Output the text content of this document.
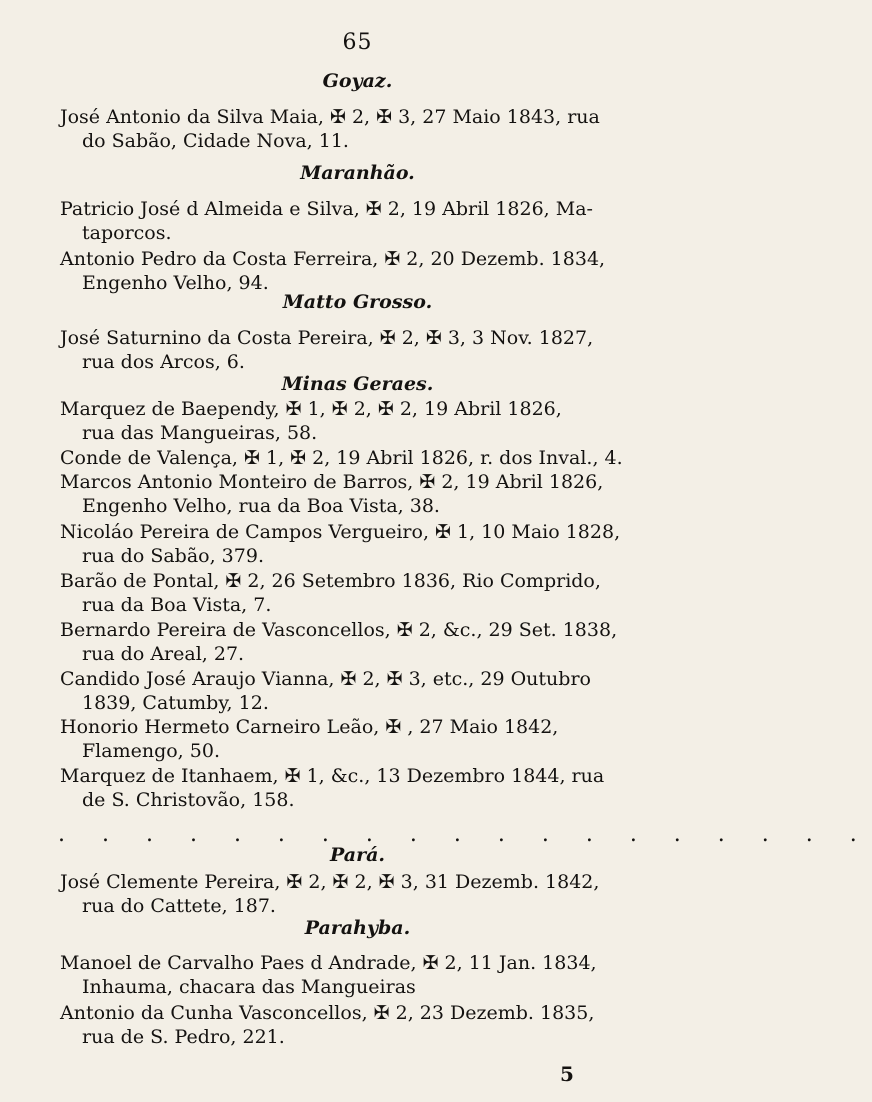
65
Goyaz.
José Antonio da Silva Maia, ✠ 2, ✠ 3, 27 Maio 1843, rua
do Sabão, Cidade Nova, 11.
Maranhão.
Patricio José d Almeida e Silva, ✠ 2, 19 Abril 1826, Ma-
taporcos.
Antonio Pedro da Costa Ferreira, ✠ 2, 20 Dezemb. 1834,
Engenho Velho, 94.
Matto Grosso.
José Saturnino da Costa Pereira, ✠ 2, ✠ 3, 3 Nov. 1827,
rua dos Arcos, 6.
Minas Geraes.
Marquez de Baependy, ✠ 1, ✠ 2, ✠ 2, 19 Abril 1826,
rua das Mangueiras, 58.
Conde de Valença, ✠ 1, ✠ 2, 19 Abril 1826, r. dos Inval., 4.
Marcos Antonio Monteiro de Barros, ✠ 2, 19 Abril 1826,
Engenho Velho, rua da Boa Vista, 38.
Nicoláo Pereira de Campos Vergueiro, ✠ 1, 10 Maio 1828,
rua do Sabão, 379.
Barão de Pontal, ✠ 2, 26 Setembro 1836, Rio Comprido,
rua da Boa Vista, 7.
Bernardo Pereira de Vasconcellos, ✠ 2, &c., 29 Set. 1838,
rua do Areal, 27.
Candido José Araujo Vianna, ✠ 2, ✠ 3, etc., 29 Outubro
1839, Catumby, 12.
Honorio Hermeto Carneiro Leão, ✠ , 27 Maio 1842,
Flamengo, 50.
Marquez de Itanhaem, ✠ 1, &c., 13 Dezembro 1844, rua
de S. Christovão, 158.
. . . . . . . . . . . . . . . . . . .
Pará.
José Clemente Pereira, ✠ 2, ✠ 2, ✠ 3, 31 Dezemb. 1842,
rua do Cattete, 187.
Parahyba.
Manoel de Carvalho Paes d Andrade, ✠ 2, 11 Jan. 1834,
Inhauma, chacara das Mangueiras
Antonio da Cunha Vasconcellos, ✠ 2, 23 Dezemb. 1835,
rua de S. Pedro, 221.
5
